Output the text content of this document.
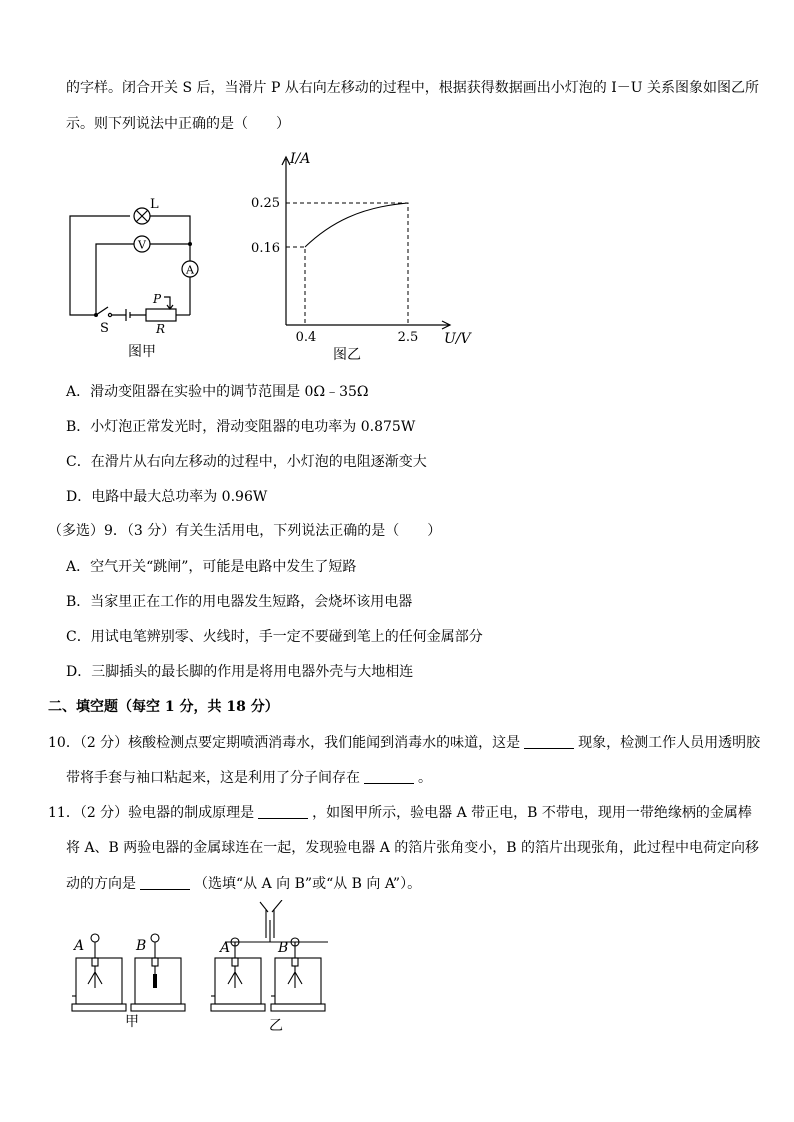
的字样。闭合开关 S 后，当滑片 P 从右向左移动的过程中，根据获得数据画出小灯泡的 I－U 关系图象如图乙所
示。则下列说法中正确的是（　　）
L
V
A
S
P
R
图甲
I/A
0.25
0.16
0.4	2.5 U/V
图乙
A．滑动变阻器在实验中的调节范围是 0Ω﹣35Ω
B．小灯泡正常发光时，滑动变阻器的电功率为 0.875W
C．在滑片从右向左移动的过程中，小灯泡的电阻逐渐变大
D．电路中最大总功率为 0.96W
（多选）9．（3 分）有关生活用电，下列说法正确的是（　　）
A．空气开关“跳闸”，可能是电路中发生了短路
B．当家里正在工作的用电器发生短路，会烧坏该用电器
C．用试电笔辨别零、火线时，手一定不要碰到笔上的任何金属部分
D．三脚插头的最长脚的作用是将用电器外壳与大地相连
二、填空题（每空 1 分，共 18 分）
10．（2 分）核酸检测点要定期喷洒消毒水，我们能闻到消毒水的味道，这是	现象，检测工作人员用透明胶
带将手套与袖口粘起来，这是利用了分子间存在	。
11．（2 分）验电器的制成原理是	，如图甲所示，验电器 A 带正电，B 不带电，现用一带绝缘柄的金属棒
将 A、B 两验电器的金属球连在一起，发现验电器 A 的箔片张角变小，B 的箔片出现张角，此过程中电荷定向移
动的方向是	（选填“从 A 向 B”或“从 B 向 A”）。
A	B	A	B
甲	乙
